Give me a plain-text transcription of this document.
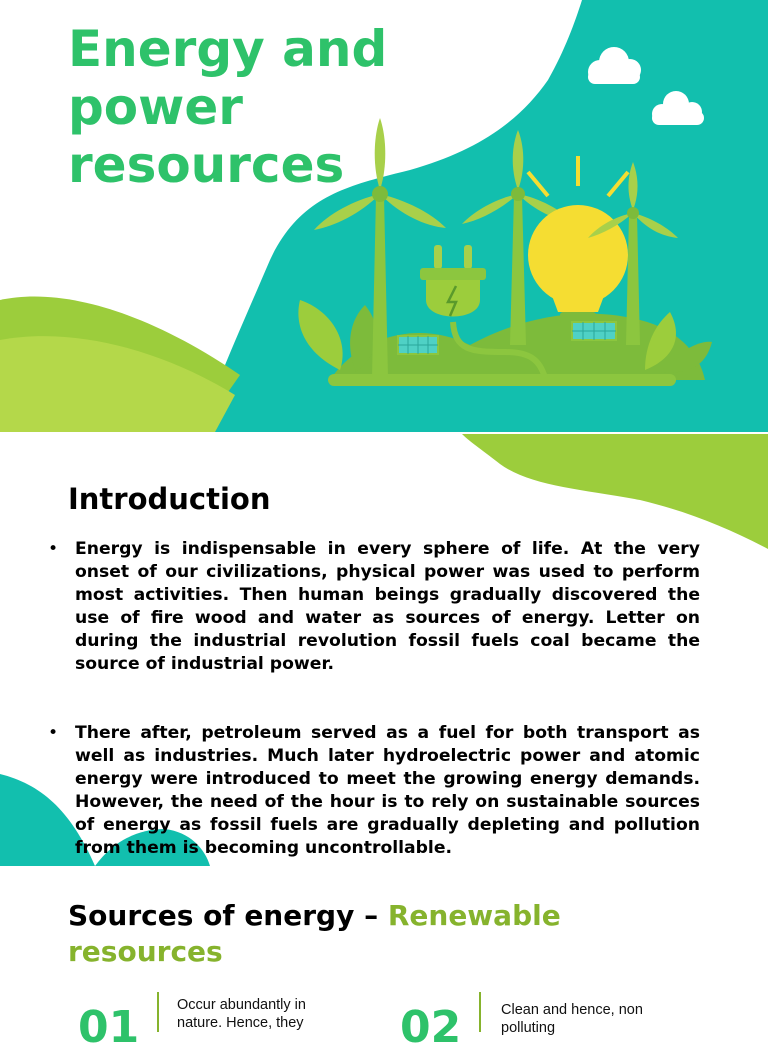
Energy and power resources
Introduction
• Energy is indispensable in every sphere of life. At the very onset of our civilizations, physical power was used to perform most activities. Then human beings gradually discovered the use of fire wood and water as sources of energy. Letter on during the industrial revolution fossil fuels coal became the source of industrial power.
• There after, petroleum served as a fuel for both transport as well as industries. Much later hydroelectric power and atomic energy were introduced to meet the growing energy demands. However, the need of the hour is to rely on sustainable sources of energy as fossil fuels are gradually depleting and pollution from them is becoming uncontrollable.
Sources of energy – Renewable resources
01	Occur abundantly in nature. Hence, they	02	Clean and hence, non polluting
